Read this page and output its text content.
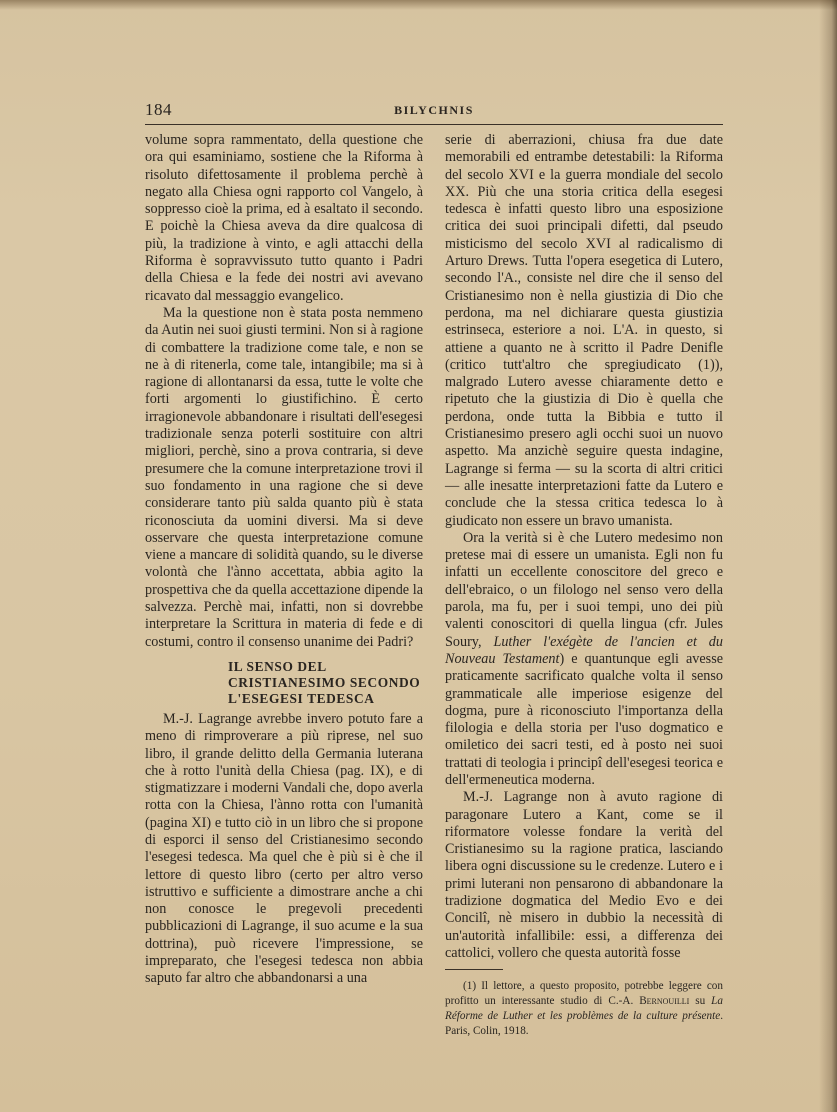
184	BILYCHNIS

volume sopra rammentato, della questione che ora qui esaminiamo, sostiene che la Riforma à risoluto difettosamente il problema perchè à negato alla Chiesa ogni rapporto col Vangelo, à soppresso cioè la prima, ed à esaltato il secondo. E poichè la Chiesa aveva da dire qualcosa di più, la tradizione à vinto, e agli attacchi della Riforma è sopravvissuto tutto quanto i Padri della Chiesa e la fede dei nostri avi avevano ricavato dal messaggio evangelico.

Ma la questione non è stata posta nemmeno da Autin nei suoi giusti termini. Non si à ragione di combattere la tradizione come tale, e non se ne à di ritenerla, come tale, intangibile; ma si à ragione di allontanarsi da essa, tutte le volte che forti argomenti lo giustifichino. È certo irragionevole abbandonare i risultati dell'esegesi tradizionale senza poterli sostituire con altri migliori, perchè, sino a prova contraria, si deve presumere che la comune interpretazione trovi il suo fondamento in una ragione che si deve considerare tanto più salda quanto più è stata riconosciuta da uomini diversi. Ma si deve osservare che questa interpretazione comune viene a mancare di solidità quando, su le diverse volontà che l'ànno accettata, abbia agito la prospettiva che da quella accettazione dipende la salvezza. Perchè mai, infatti, non si dovrebbe interpretare la Scrittura in materia di fede e di costumi, contro il consenso unanime dei Padri?

IL SENSO DEL CRISTIANESIMO SECONDO L'ESEGESI TEDESCA

M.-J. Lagrange avrebbe invero potuto fare a meno di rimproverare a più riprese, nel suo libro, il grande delitto della Germania luterana che à rotto l'unità della Chiesa (pag. IX), e di stigmatizzare i moderni Vandali che, dopo averla rotta con la Chiesa, l'ànno rotta con l'umanità (pagina XI) e tutto ciò in un libro che si propone di esporci il senso del Cristianesimo secondo l'esegesi tedesca. Ma quel che è più si è che il lettore di questo libro (certo per altro verso istruttivo e sufficiente a dimostrare anche a chi non conosce le pregevoli precedenti pubblicazioni di Lagrange, il suo acume e la sua dottrina), può ricevere l'impressione, se impreparato, che l'esegesi tedesca non abbia saputo far altro che abbandonarsi a una

serie di aberrazioni, chiusa fra due date memorabili ed entrambe detestabili: la Riforma del secolo XVI e la guerra mondiale del secolo XX. Più che una storia critica della esegesi tedesca è infatti questo libro una esposizione critica dei suoi principali difetti, dal pseudo misticismo del secolo XVI al radicalismo di Arturo Drews. Tutta l'opera esegetica di Lutero, secondo l'A., consiste nel dire che il senso del Cristianesimo non è nella giustizia di Dio che perdona, ma nel dichiarare questa giustizia estrinseca, esteriore a noi. L'A. in questo, si attiene a quanto ne à scritto il Padre Denifle (critico tutt'altro che spregiudicato (1)), malgrado Lutero avesse chiaramente detto e ripetuto che la giustizia di Dio è quella che perdona, onde tutta la Bibbia e tutto il Cristianesimo presero agli occhi suoi un nuovo aspetto. Ma anzichè seguire questa indagine, Lagrange si ferma — su la scorta di altri critici — alle inesatte interpretazioni fatte da Lutero e conclude che la stessa critica tedesca lo à giudicato non essere un bravo umanista.

Ora la verità si è che Lutero medesimo non pretese mai di essere un umanista. Egli non fu infatti un eccellente conoscitore del greco e dell'ebraico, o un filologo nel senso vero della parola, ma fu, per i suoi tempi, uno dei più valenti conoscitori di quella lingua (cfr. Jules Soury, Luther l'exégète de l'ancien et du Nouveau Testament) e quantunque egli avesse praticamente sacrificato qualche volta il senso grammaticale alle imperiose esigenze del dogma, pure à riconosciuto l'importanza della filologia e della storia per l'uso dogmatico e omiletico dei sacri testi, ed à posto nei suoi trattati di teologia i principî dell'esegesi teorica e dell'ermeneutica moderna.

M.-J. Lagrange non à avuto ragione di paragonare Lutero a Kant, come se il riformatore volesse fondare la verità del Cristianesimo su la ragione pratica, lasciando libera ogni discussione su le credenze. Lutero e i primi luterani non pensarono di abbandonare la tradizione dogmatica del Medio Evo e dei Concilî, nè misero in dubbio la necessità di un'autorità infallibile: essi, a differenza dei cattolici, vollero che questa autorità fosse

(1) Il lettore, a questo proposito, potrebbe leggere con profitto un interessante studio di C.-A. Bernouilli su La Réforme de Luther et les problèmes de la culture présente. Paris, Colin, 1918.
